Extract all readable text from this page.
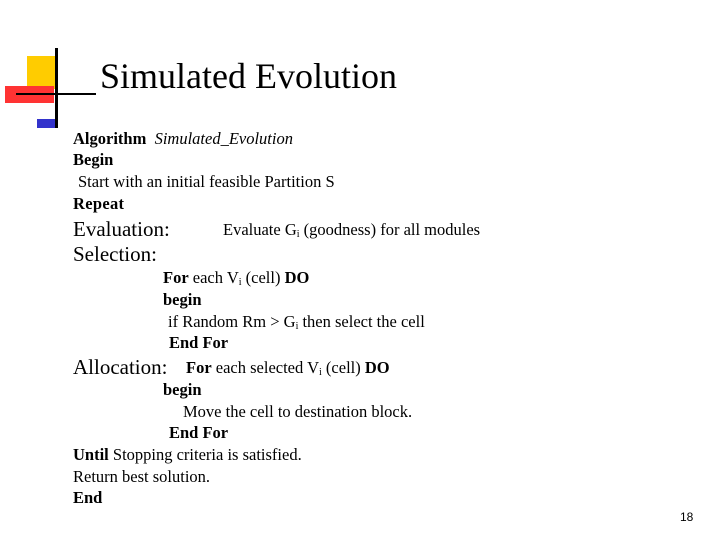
Simulated Evolution
Algorithm Simulated_Evolution
Begin
Start with an initial feasible Partition S
Repeat
Evaluation:	Evaluate $G_i$ (goodness) for all modules
Selection:
For each $V_i$ (cell) DO
begin
if Random $Rm > G_i$ then select the cell
End For
Allocation: For each selected $V_i$ (cell) DO
begin
Move the cell to destination block.
End For
Until Stopping criteria is satisfied.
Return best solution.
End
18
